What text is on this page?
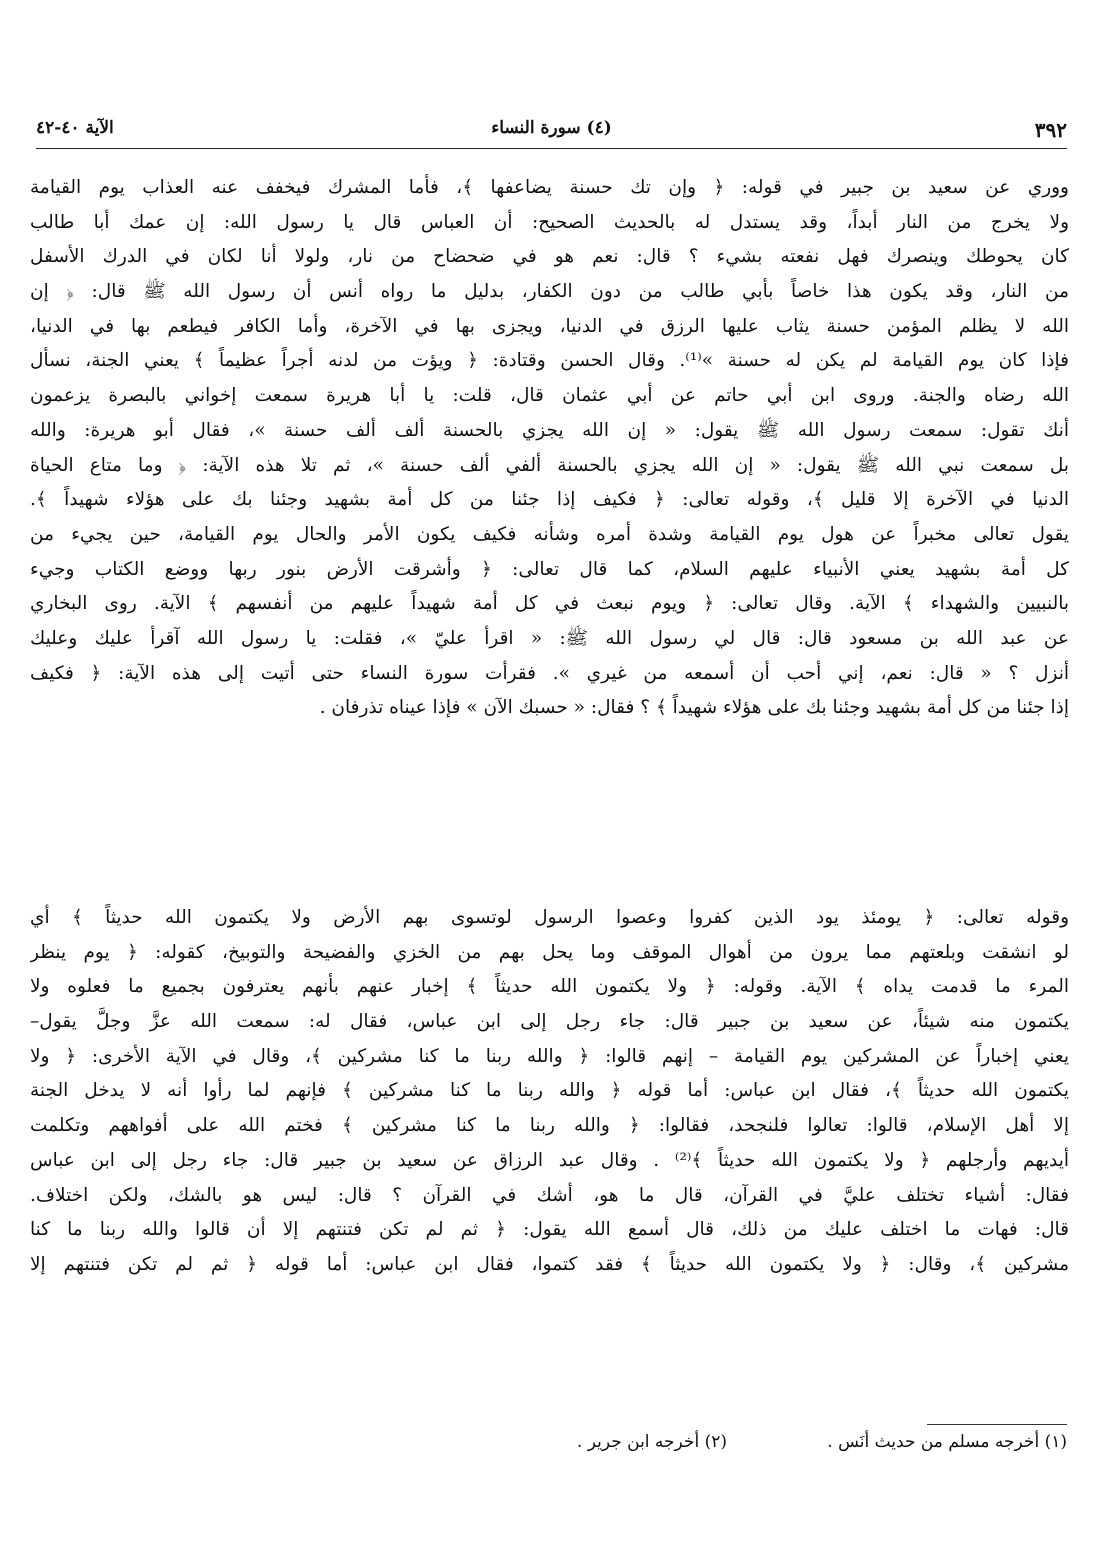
٣٩٢
(٤) سورة النساء
الآية ٤٠-٤٢
ووري عن سعيد بن جبير في قوله: ﴿ وإن تك حسنة يضاعفها ﴾، فأما المشرك فيخفف عنه العذاب يوم القيامة
ولا يخرج من النار أبداً، وقد يستدل له بالحديث الصحيح: أن العباس قال يا رسول الله: إن عمك أبا طالب
كان يحوطك وينصرك فهل نفعته بشيء ؟ قال: نعم هو في ضحضاح من نار، ولولا أنا لكان في الدرك الأسفل
من النار، وقد يكون هذا خاصاً بأبي طالب من دون الكفار، بدليل ما رواه أنس أن رسول الله ﷺ قال: ﴿ إن
الله لا يظلم المؤمن حسنة يثاب عليها الرزق في الدنيا، ويجزى بها في الآخرة، وأما الكافر فيطعم بها في الدنيا،
فإذا كان يوم القيامة لم يكن له حسنة »⁽¹⁾. وقال الحسن وقتادة: ﴿ ويؤت من لدنه أجراً عظيماً ﴾ يعني الجنة، نسأل
الله رضاه والجنة. وروى ابن أبي حاتم عن أبي عثمان قال، قلت: يا أبا هريرة سمعت إخواني بالبصرة يزعمون
أنك تقول: سمعت رسول الله ﷺ يقول: « إن الله يجزي بالحسنة ألف ألف حسنة »، فقال أبو هريرة: والله
بل سمعت نبي الله ﷺ يقول: « إن الله يجزي بالحسنة ألفي ألف حسنة »، ثم تلا هذه الآية: ﴿ وما متاع الحياة
الدنيا في الآخرة إلا قليل ﴾، وقوله تعالى: ﴿ فكيف إذا جئنا من كل أمة بشهيد وجئنا بك على هؤلاء شهيداً ﴾.
يقول تعالى مخبراً عن هول يوم القيامة وشدة أمره وشأنه فكيف يكون الأمر والحال يوم القيامة، حين يجيء من
كل أمة بشهيد يعني الأنبياء عليهم السلام، كما قال تعالى: ﴿ وأشرقت الأرض بنور ربها ووضع الكتاب وجيء
بالنبيين والشهداء ﴾ الآية. وقال تعالى: ﴿ ويوم نبعث في كل أمة شهيداً عليهم من أنفسهم ﴾ الآية. روى البخاري
عن عبد الله بن مسعود قال: قال لي رسول الله ﷺ: « اقرأ عليّ »، فقلت: يا رسول الله آقرأ عليك وعليك
أنزل ؟ « قال: نعم، إني أحب أن أسمعه من غيري ». فقرأت سورة النساء حتى أتيت إلى هذه الآية: ﴿ فكيف
إذا جئنا من كل أمة بشهيد وجئنا بك على هؤلاء شهيداً ﴾ ؟ فقال: « حسبك الآن » فإذا عيناه تذرفان .
وقوله تعالى: ﴿ يومئذ يود الذين كفروا وعصوا الرسول لوتسوى بهم الأرض ولا يكتمون الله حديثاً ﴾ أي
لو انشقت وبلعتهم مما يرون من أهوال الموقف وما يحل بهم من الخزي والفضيحة والتوبيخ، كقوله: ﴿ يوم ينظر
المرء ما قدمت يداه ﴾ الآية. وقوله: ﴿ ولا يكتمون الله حديثاً ﴾ إخبار عنهم بأنهم يعترفون بجميع ما فعلوه ولا
يكتمون منه شيئاً، عن سعيد بن جبير قال: جاء رجل إلى ابن عباس، فقال له: سمعت الله عزَّ وجلَّ يقول–
يعني إخباراً عن المشركين يوم القيامة – إنهم قالوا: ﴿ والله ربنا ما كنا مشركين ﴾، وقال في الآية الأخرى: ﴿ ولا
يكتمون الله حديثاً ﴾، فقال ابن عباس: أما قوله ﴿ والله ربنا ما كنا مشركين ﴾ فإنهم لما رأوا أنه لا يدخل الجنة
إلا أهل الإسلام، قالوا: تعالوا فلنجحد، فقالوا: ﴿ والله ربنا ما كنا مشركين ﴾ فختم الله على أفواههم وتكلمت
أيديهم وأرجلهم ﴿ ولا يكتمون الله حديثاً ﴾⁽²⁾ . وقال عبد الرزاق عن سعيد بن جبير قال: جاء رجل إلى ابن عباس
فقال: أشياء تختلف عليَّ في القرآن، قال ما هو، أشك في القرآن ؟ قال: ليس هو بالشك، ولكن اختلاف.
قال: فهات ما اختلف عليك من ذلك، قال أسمع الله يقول: ﴿ ثم لم تكن فتنتهم إلا أن قالوا والله ربنا ما كنا
مشركين ﴾، وقال: ﴿ ولا يكتمون الله حديثاً ﴾ فقد كتموا، فقال ابن عباس: أما قوله ﴿ ثم لم تكن فتنتهم إلا
(١) أخرجه مسلم من حديث أنَس .
(٢) أخرجه ابن جرير .
